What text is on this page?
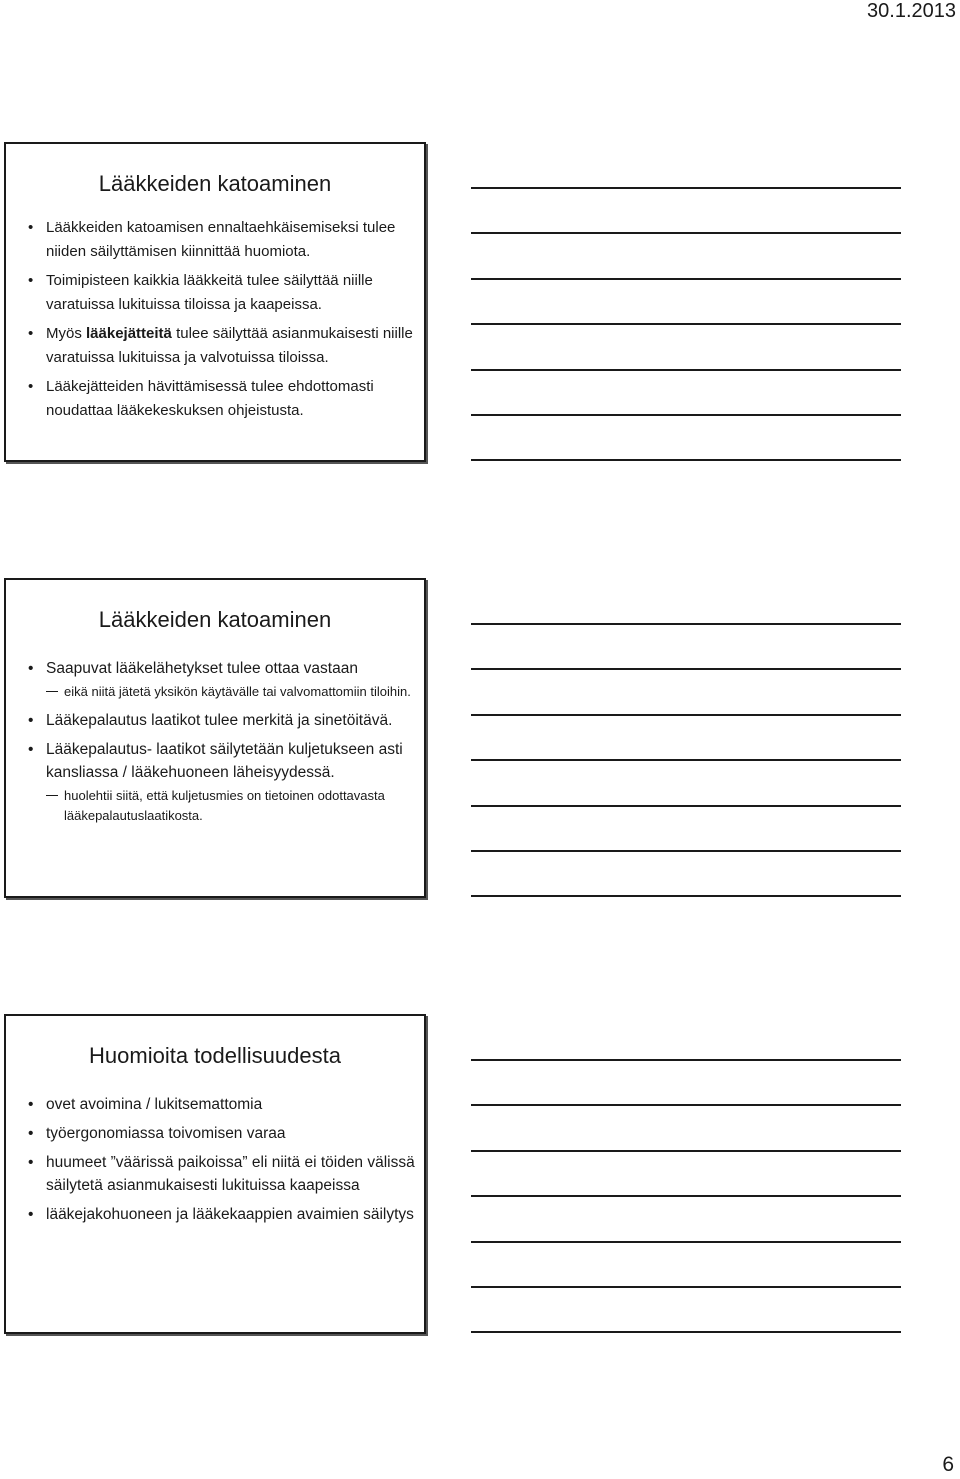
30.1.2013
Lääkkeiden katoaminen
• Lääkkeiden katoamisen ennaltaehkäisemiseksi tulee niiden säilyttämisen kiinnittää huomiota.
• Toimipisteen kaikkia lääkkeitä tulee säilyttää niille varatuissa lukituissa tiloissa ja kaapeissa.
• Myös lääkejätteitä tulee säilyttää asianmukaisesti niille varatuissa lukituissa ja valvotuissa tiloissa.
• Lääkejätteiden hävittämisessä tulee ehdottomasti noudattaa lääkekeskuksen ohjeistusta.
Lääkkeiden katoaminen
• Saapuvat lääkelähetykset tulee ottaa vastaan
eikä niitä jätetä yksikön käytävälle tai valvomattomiin tiloihin.
• Lääkepalautus laatikot tulee merkitä ja sinetöitävä.
• Lääkepalautus- laatikot säilytetään kuljetukseen asti kansliassa / lääkehuoneen läheisyydessä.
huolehtii siitä, että kuljetusmies on tietoinen odottavasta lääkepalautuslaatikosta.
Huomioita todellisuudesta
• ovet avoimina / lukitsemattomia
• työergonomiassa toivomisen varaa
• huumeet ”väärissä paikoissa” eli niitä ei töiden välissä säilytetä asianmukaisesti lukituissa kaapeissa
• lääkejakohuoneen ja lääkekaappien avaimien säilytys
6
